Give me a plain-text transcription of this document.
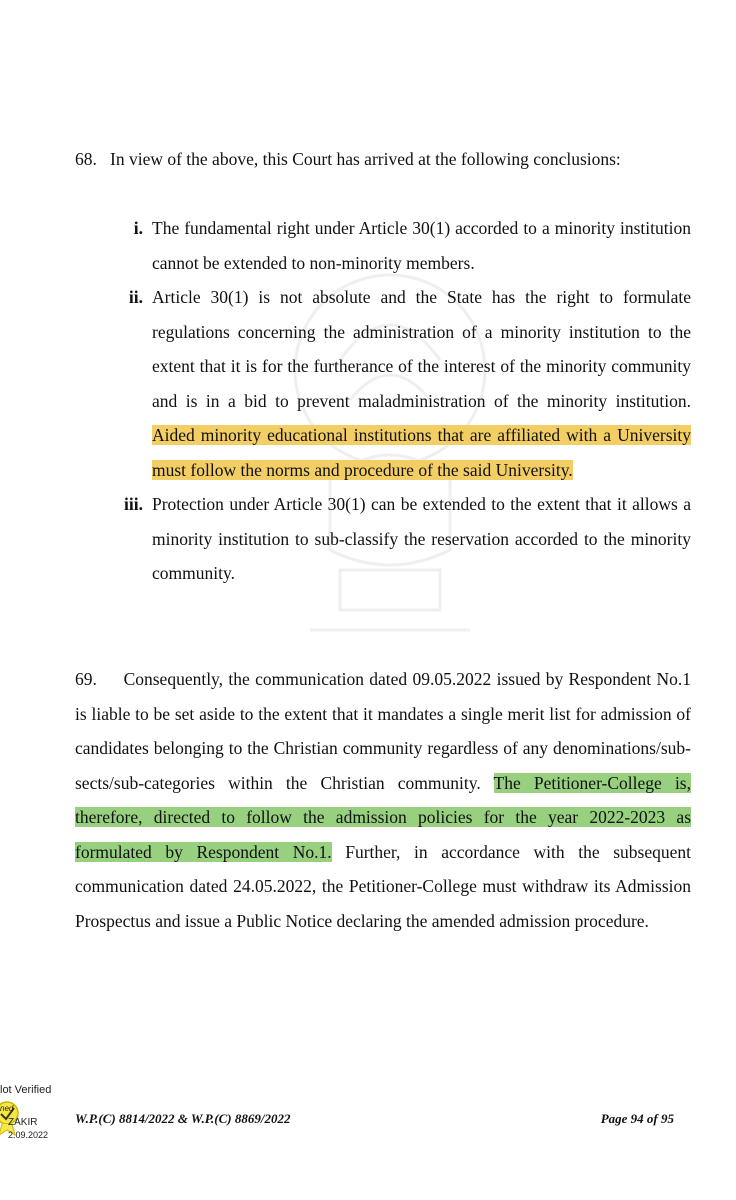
68. In view of the above, this Court has arrived at the following conclusions:

i. The fundamental right under Article 30(1) accorded to a minority institution cannot be extended to non-minority members.

ii. Article 30(1) is not absolute and the State has the right to formulate regulations concerning the administration of a minority institution to the extent that it is for the furtherance of the interest of the minority community and is in a bid to prevent maladministration of the minority institution. Aided minority educational institutions that are affiliated with a University must follow the norms and procedure of the said University.

iii. Protection under Article 30(1) can be extended to the extent that it allows a minority institution to sub-classify the reservation accorded to the minority community.

69. Consequently, the communication dated 09.05.2022 issued by Respondent No.1 is liable to be set aside to the extent that it mandates a single merit list for admission of candidates belonging to the Christian community regardless of any denominations/sub-sects/sub-categories within the Christian community. The Petitioner-College is, therefore, directed to follow the admission policies for the year 2022-2023 as formulated by Respondent No.1. Further, in accordance with the subsequent communication dated 24.05.2022, the Petitioner-College must withdraw its Admission Prospectus and issue a Public Notice declaring the amended admission procedure.

lot Verified
ned
ZAKIR
2.09.2022
W.P.(C) 8814/2022 & W.P.(C) 8869/2022	Page 94 of 95
